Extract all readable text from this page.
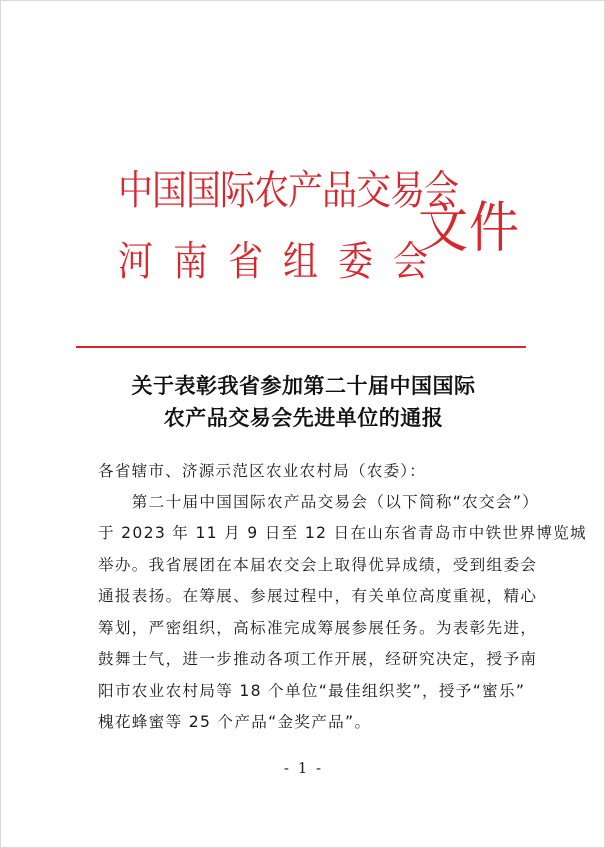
中国国际农产品交易会
河南省组委会
文件
关于表彰我省参加第二十届中国国际
农产品交易会先进单位的通报
各省辖市、济源示范区农业农村局（农委）：
　　第二十届中国国际农产品交易会（以下简称“农交会”）
于 2023 年 11 月 9 日至 12 日在山东省青岛市中铁世界博览城
举办。我省展团在本届农交会上取得优异成绩，受到组委会
通报表扬。在筹展、参展过程中，有关单位高度重视，精心
筹划，严密组织，高标准完成筹展参展任务。为表彰先进，
鼓舞士气，进一步推动各项工作开展，经研究决定，授予南
阳市农业农村局等 18 个单位“最佳组织奖”，授予“蜜乐”
槐花蜂蜜等 25 个产品“金奖产品”。
- 1 -
